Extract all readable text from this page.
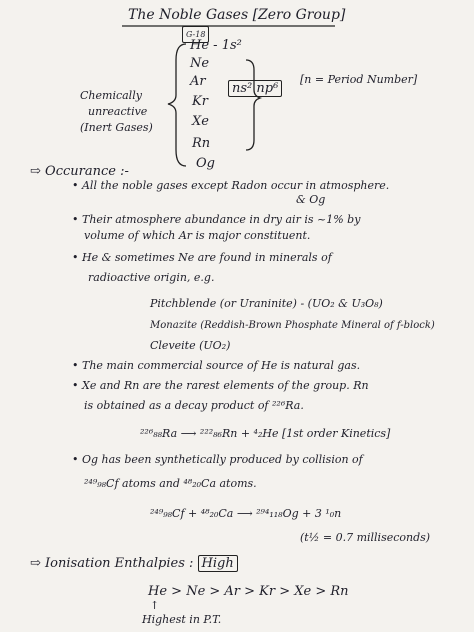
The Noble Gases [Zero Group]
G-18
He - 1s²
Ne
Ar
Kr
Xe
Rn
Og
ns² np⁶
[n = Period Number]
Chemically
unreactive
(Inert Gases)
⇨ Occurance :-
• All the noble gases except Radon occur in atmosphere.
& Og
• Their atmosphere abundance in dry air is ~1% by
volume of which Ar is major constituent.
• He & sometimes Ne are found in minerals of
radioactive origin, e.g.
Pitchblende (or Uraninite) - (UO₂ & U₃O₈)
Monazite (Reddish-Brown Phosphate Mineral of f-block)
Cleveite (UO₂)
• The main commercial source of He is natural gas.
• Xe and Rn are the rarest elements of the group. Rn
is obtained as a decay product of ²²⁶Ra.
²²⁶₈₈Ra ⟶ ²²²₈₆Rn + ⁴₂He [1st order Kinetics]
• Og has been synthetically produced by collision of
²⁴⁹₉₈Cf atoms and ⁴⁸₂₀Ca atoms.
²⁴⁹₉₈Cf + ⁴⁸₂₀Ca ⟶ ²⁹⁴₁₁₈Og + 3 ¹₀n
(t½ = 0.7 milliseconds)
⇨ Ionisation Enthalpies : High
He > Ne > Ar > Kr > Xe > Rn
↑
Highest in P.T.
